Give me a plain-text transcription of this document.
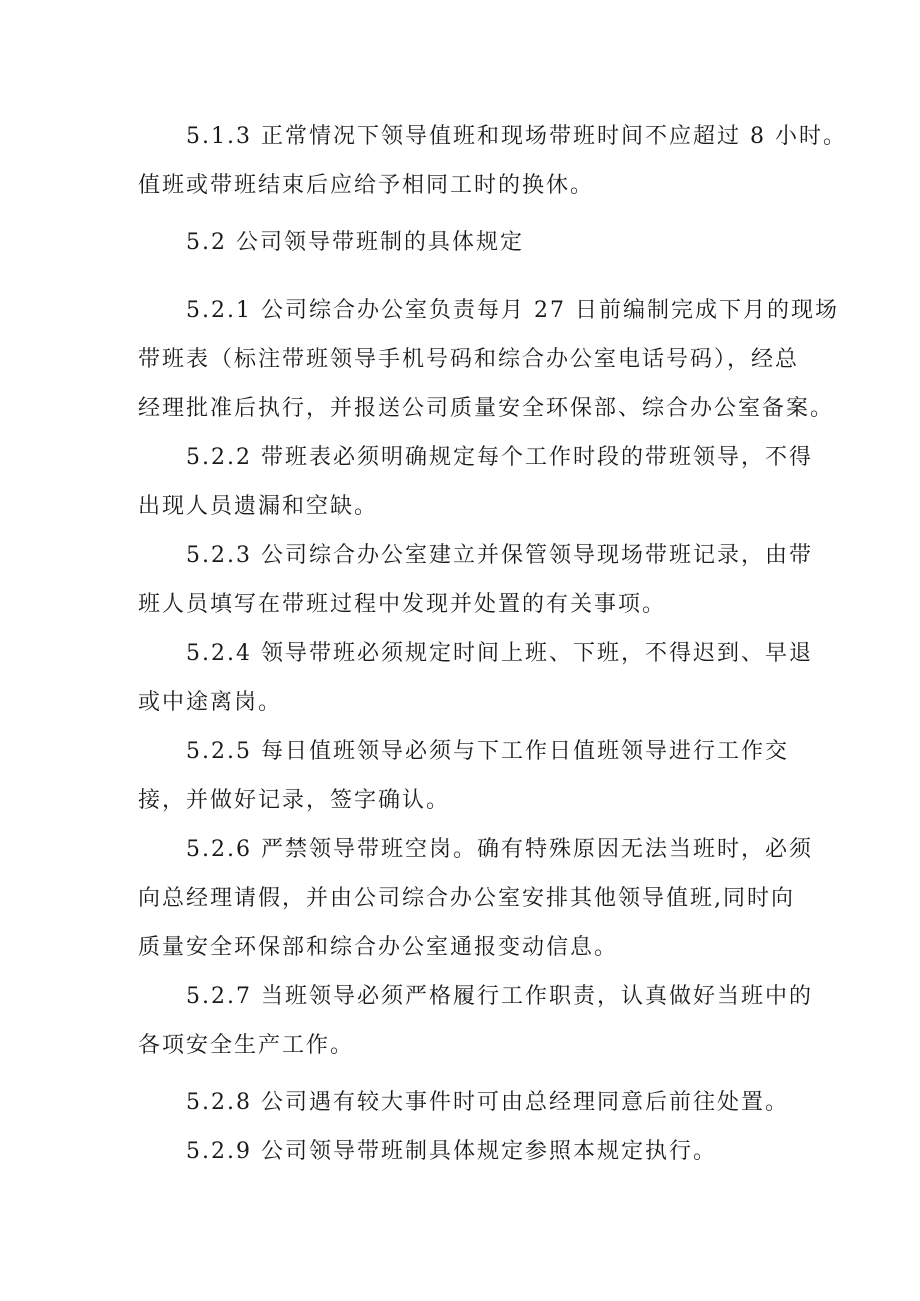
5.1.3 正常情况下领导值班和现场带班时间不应超过 8 小时。
值班或带班结束后应给予相同工时的换休。
5.2 公司领导带班制的具体规定
5.2.1 公司综合办公室负责每月 27 日前编制完成下月的现场
带班表（标注带班领导手机号码和综合办公室电话号码），经总
经理批准后执行，并报送公司质量安全环保部、综合办公室备案。
5.2.2 带班表必须明确规定每个工作时段的带班领导，不得
出现人员遗漏和空缺。
5.2.3 公司综合办公室建立并保管领导现场带班记录，由带
班人员填写在带班过程中发现并处置的有关事项。
5.2.4 领导带班必须规定时间上班、下班，不得迟到、早退
或中途离岗。
5.2.5 每日值班领导必须与下工作日值班领导进行工作交
接，并做好记录，签字确认。
5.2.6 严禁领导带班空岗。确有特殊原因无法当班时，必须
向总经理请假，并由公司综合办公室安排其他领导值班,同时向
质量安全环保部和综合办公室通报变动信息。
5.2.7 当班领导必须严格履行工作职责，认真做好当班中的
各项安全生产工作。
5.2.8 公司遇有较大事件时可由总经理同意后前往处置。
5.2.9 公司领导带班制具体规定参照本规定执行。
